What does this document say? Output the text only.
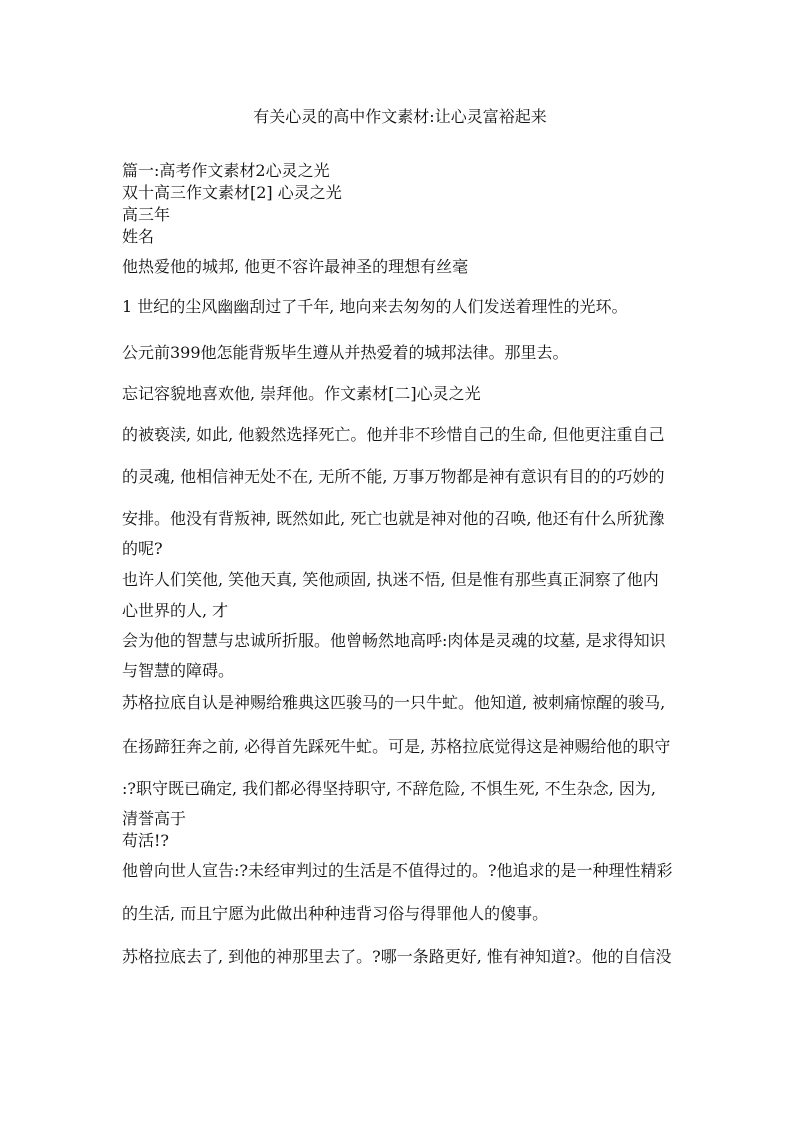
有关心灵的高中作文素材:让心灵富裕起来
篇一:高考作文素材2心灵之光
双十高三作文素材[2] 心灵之光
高三年
姓名
他热爱他的城邦, 他更不容许最神圣的理想有丝毫
1 世纪的尘风幽幽刮过了千年, 地向来去匆匆的人们发送着理性的光环。
公元前399他怎能背叛毕生遵从并热爱着的城邦法律。那里去。
忘记容貌地喜欢他, 崇拜他。作文素材[二]心灵之光
的被亵渎, 如此, 他毅然选择死亡。他并非不珍惜自己的生命, 但他更注重自己
的灵魂, 他相信神无处不在, 无所不能, 万事万物都是神有意识有目的的巧妙的
安排。他没有背叛神, 既然如此, 死亡也就是神对他的召唤, 他还有什么所犹豫
的呢?
也许人们笑他, 笑他天真, 笑他顽固, 执迷不悟, 但是惟有那些真正洞察了他内
心世界的人, 才
会为他的智慧与忠诚所折服。他曾畅然地高呼:肉体是灵魂的坟墓, 是求得知识
与智慧的障碍。
苏格拉底自认是神赐给雅典这匹骏马的一只牛虻。他知道, 被刺痛惊醒的骏马,
在扬蹄狂奔之前, 必得首先踩死牛虻。可是, 苏格拉底觉得这是神赐给他的职守
:?职守既已确定, 我们都必得坚持职守, 不辞危险, 不惧生死, 不生杂念, 因为,
清誉高于
苟活!?
他曾向世人宣告:?未经审判过的生活是不值得过的。?他追求的是一种理性精彩
的生活, 而且宁愿为此做出种种违背习俗与得罪他人的傻事。
苏格拉底去了, 到他的神那里去了。?哪一条路更好, 惟有神知道?。他的自信没
